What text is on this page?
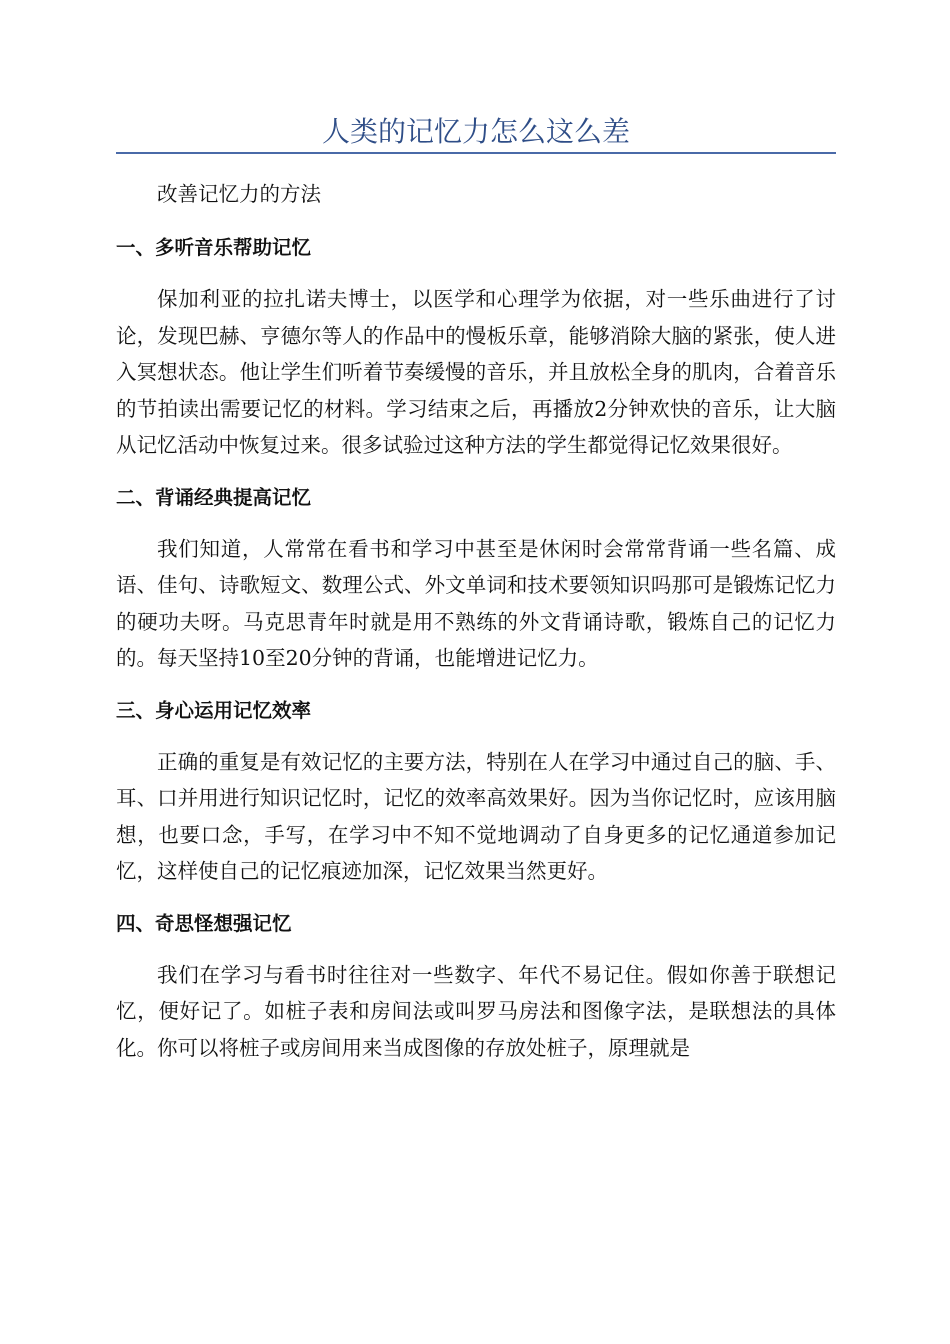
人类的记忆力怎么这么差

改善记忆力的方法

一、多听音乐帮助记忆

保加利亚的拉扎诺夫博士，以医学和心理学为依据，对一些乐曲进行了讨论，发现巴赫、亨德尔等人的作品中的慢板乐章，能够消除大脑的紧张，使人进入冥想状态。他让学生们听着节奏缓慢的音乐，并且放松全身的肌肉，合着音乐的节拍读出需要记忆的材料。学习结束之后，再播放2分钟欢快的音乐，让大脑从记忆活动中恢复过来。很多试验过这种方法的学生都觉得记忆效果很好。

二、背诵经典提高记忆

我们知道，人常常在看书和学习中甚至是休闲时会常常背诵一些名篇、成语、佳句、诗歌短文、数理公式、外文单词和技术要领知识吗那可是锻炼记忆力的硬功夫呀。马克思青年时就是用不熟练的外文背诵诗歌，锻炼自己的记忆力的。每天坚持10至20分钟的背诵，也能增进记忆力。

三、身心运用记忆效率

正确的重复是有效记忆的主要方法，特别在人在学习中通过自己的脑、手、耳、口并用进行知识记忆时，记忆的效率高效果好。因为当你记忆时，应该用脑想，也要口念，手写，在学习中不知不觉地调动了自身更多的记忆通道参加记忆，这样使自己的记忆痕迹加深，记忆效果当然更好。

四、奇思怪想强记忆

我们在学习与看书时往往对一些数字、年代不易记住。假如你善于联想记忆，便好记了。如桩子表和房间法或叫罗马房法和图像字法，是联想法的具体化。你可以将桩子或房间用来当成图像的存放处桩子，原理就是
